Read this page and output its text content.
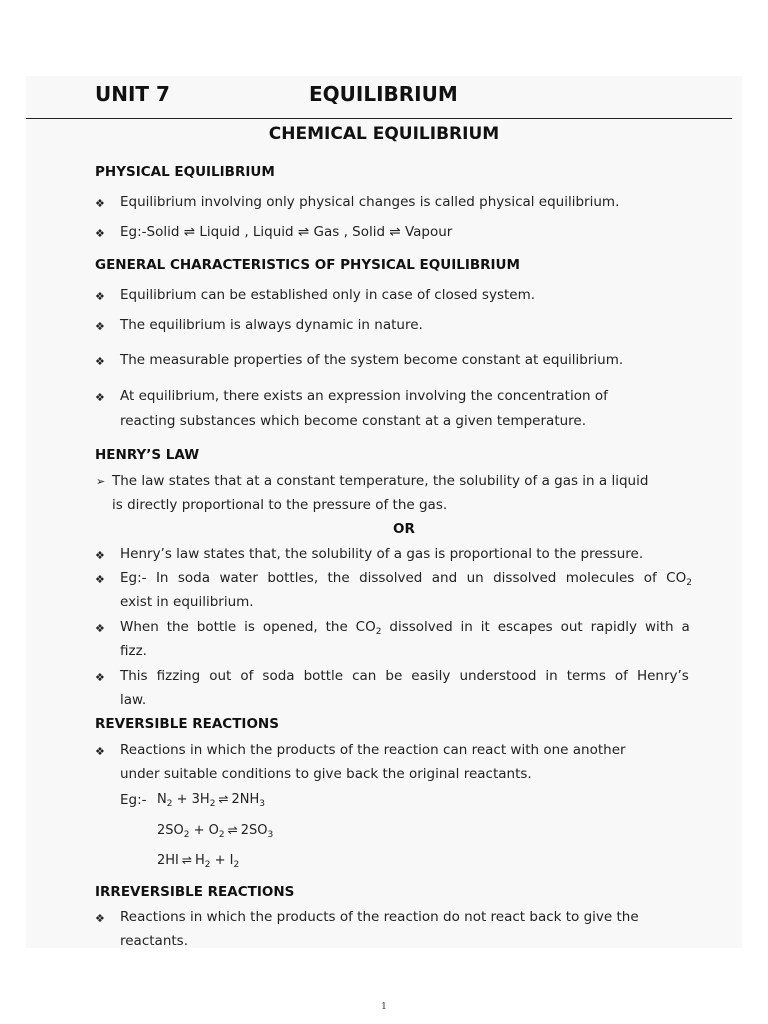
UNIT 7	EQUILIBRIUM
CHEMICAL EQUILIBRIUM
PHYSICAL EQUILIBRIUM
❖ Equilibrium involving only physical changes is called physical equilibrium.
❖ Eg:-Solid ⇌ Liquid , Liquid ⇌ Gas , Solid ⇌ Vapour
GENERAL CHARACTERISTICS OF PHYSICAL EQUILIBRIUM
❖ Equilibrium can be established only in case of closed system.
❖ The equilibrium is always dynamic in nature.
❖ The measurable properties of the system become constant at equilibrium.
❖ At equilibrium, there exists an expression involving the concentration of
reacting substances which become constant at a given temperature.
HENRY’S LAW
➢ The law states that at a constant temperature, the solubility of a gas in a liquid
is directly proportional to the pressure of the gas.
OR
❖ Henry’s law states that, the solubility of a gas is proportional to the pressure.
❖ Eg:- In soda water bottles, the dissolved and un dissolved molecules of $CO_2$
exist in equilibrium.
❖ When the bottle is opened, the $CO_2$ dissolved in it escapes out rapidly with a
fizz.
❖ This fizzing out of soda bottle can be easily understood in terms of Henry’s
law.
REVERSIBLE REACTIONS
❖ Reactions in which the products of the reaction can react with one another
under suitable conditions to give back the original reactants.
Eg:- $N_2 + 3H_2$ ⇌ $2NH_3$
$2SO_2 + O_2$ ⇌ $2SO_3$
2HI ⇌ $H_2 + I_2$
IRREVERSIBLE REACTIONS
❖ Reactions in which the products of the reaction do not react back to give the
reactants.
1
